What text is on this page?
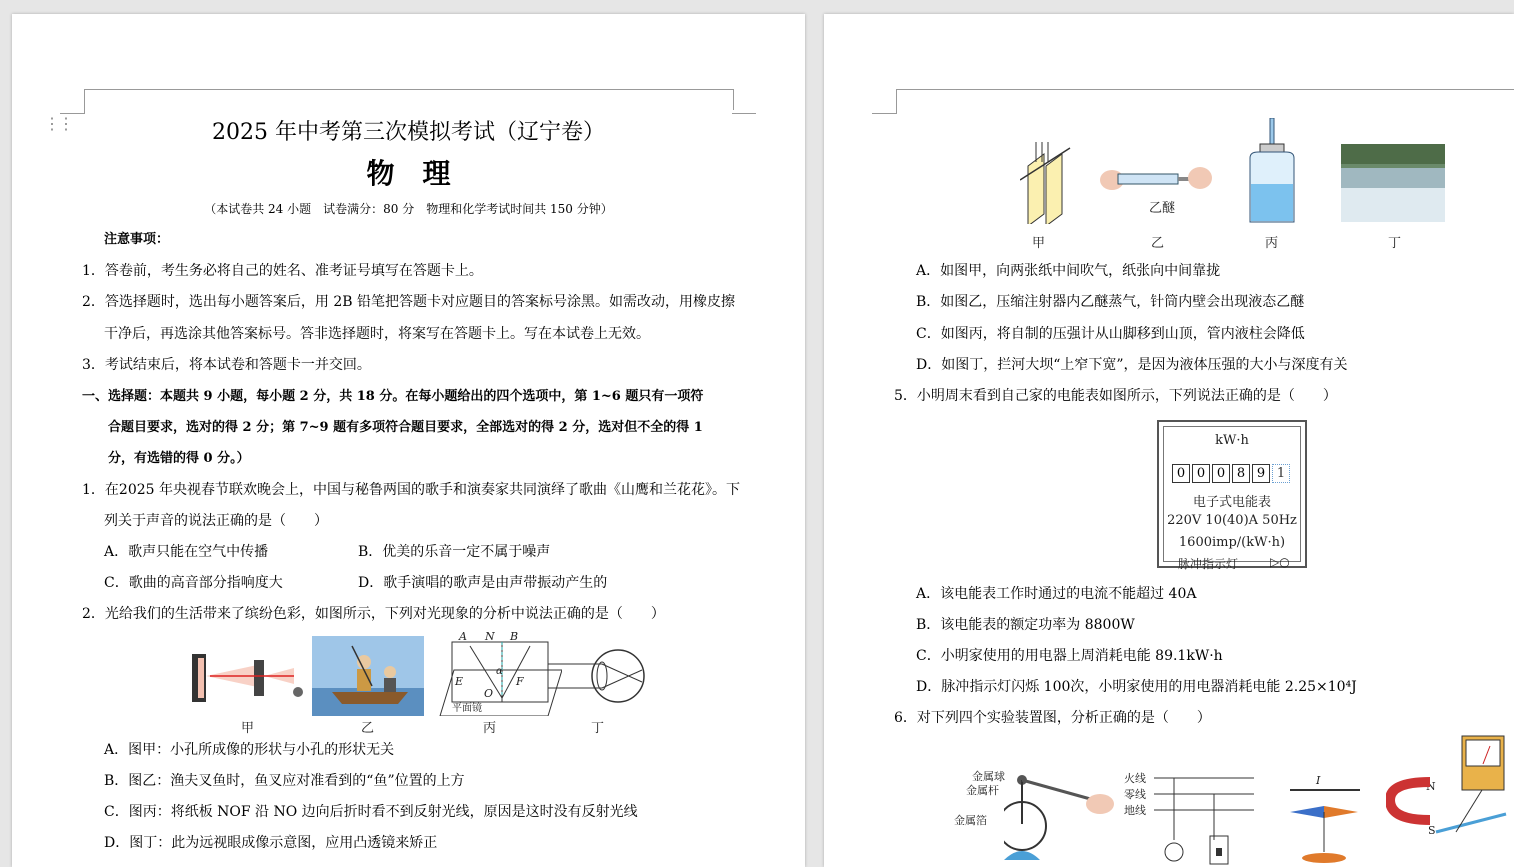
⋮⋮	2025 年中考第三次模拟考试（辽宁卷）
物　理
（本试卷共 24 小题　试卷满分：80 分　物理和化学考试时间共 150 分钟）
注意事项：
1．答卷前，考生务必将自己的姓名、准考证号填写在答题卡上。
2．答选择题时，选出每小题答案后，用 2B 铅笔把答题卡对应题目的答案标号涂黑。如需改动，用橡皮擦
干净后，再选涂其他答案标号。答非选择题时，将案写在答题卡上。写在本试卷上无效。
3．考试结束后，将本试卷和答题卡一并交回。
一、选择题：本题共 9 小题，每小题 2 分，共 18 分。在每小题给出的四个选项中，第 1~6 题只有一项符
合题目要求，选对的得 2 分；第 7~9 题有多项符合题目要求，全部选对的得 2 分，选对但不全的得 1
分，有选错的得 0 分。）
1．在2025 年央视春节联欢晚会上，中国与秘鲁两国的歌手和演奏家共同演绎了歌曲《山鹰和兰花花》。下
列关于声音的说法正确的是（　　）
A．歌声只能在空气中传播	B．优美的乐音一定不属于噪声
C．歌曲的高音部分指响度大	D．歌手演唱的歌声是由声带振动产生的
2．光给我们的生活带来了缤纷色彩，如图所示，下列对光现象的分析中说法正确的是（　　）
A N B
E	F
α
O
平面镜
甲	乙	丙	丁
A．图甲：小孔所成像的形状与小孔的形状无关
B．图乙：渔夫叉鱼时，鱼叉应对准看到的“鱼”位置的上方
C．图丙：将纸板 NOF 沿 NO 边向后折时看不到反射光线，原因是这时没有反射光线
D．图丁：此为远视眼成像示意图，应用凸透镜来矫正
乙醚
甲	乙	丙	丁
A．如图甲，向两张纸中间吹气，纸张向中间靠拢
B．如图乙，压缩注射器内乙醚蒸气，针筒内壁会出现液态乙醚
C．如图丙，将自制的压强计从山脚移到山顶，管内液柱会降低
D．如图丁，拦河大坝“上窄下宽”，是因为液体压强的大小与深度有关
5．小明周末看到自己家的电能表如图所示，下列说法正确的是（　　）
kW·h
0 0 0 8 9 1
电子式电能表
220V 10(40)A 50Hz
1600imp/(kW·h)
脉冲指示灯	▷○
A．该电能表工作时通过的电流不能超过 40A
B．该电能表的额定功率为 8800W
C．小明家使用的用电器上周消耗电能 89.1kW·h
D．脉冲指示灯闪烁 100次，小明家使用的用电器消耗电能 2.25×10⁴J
6．对下列四个实验装置图，分析正确的是（　　）
金属球
金属杆
金属箔
火线
零线
地线
I	N
S
